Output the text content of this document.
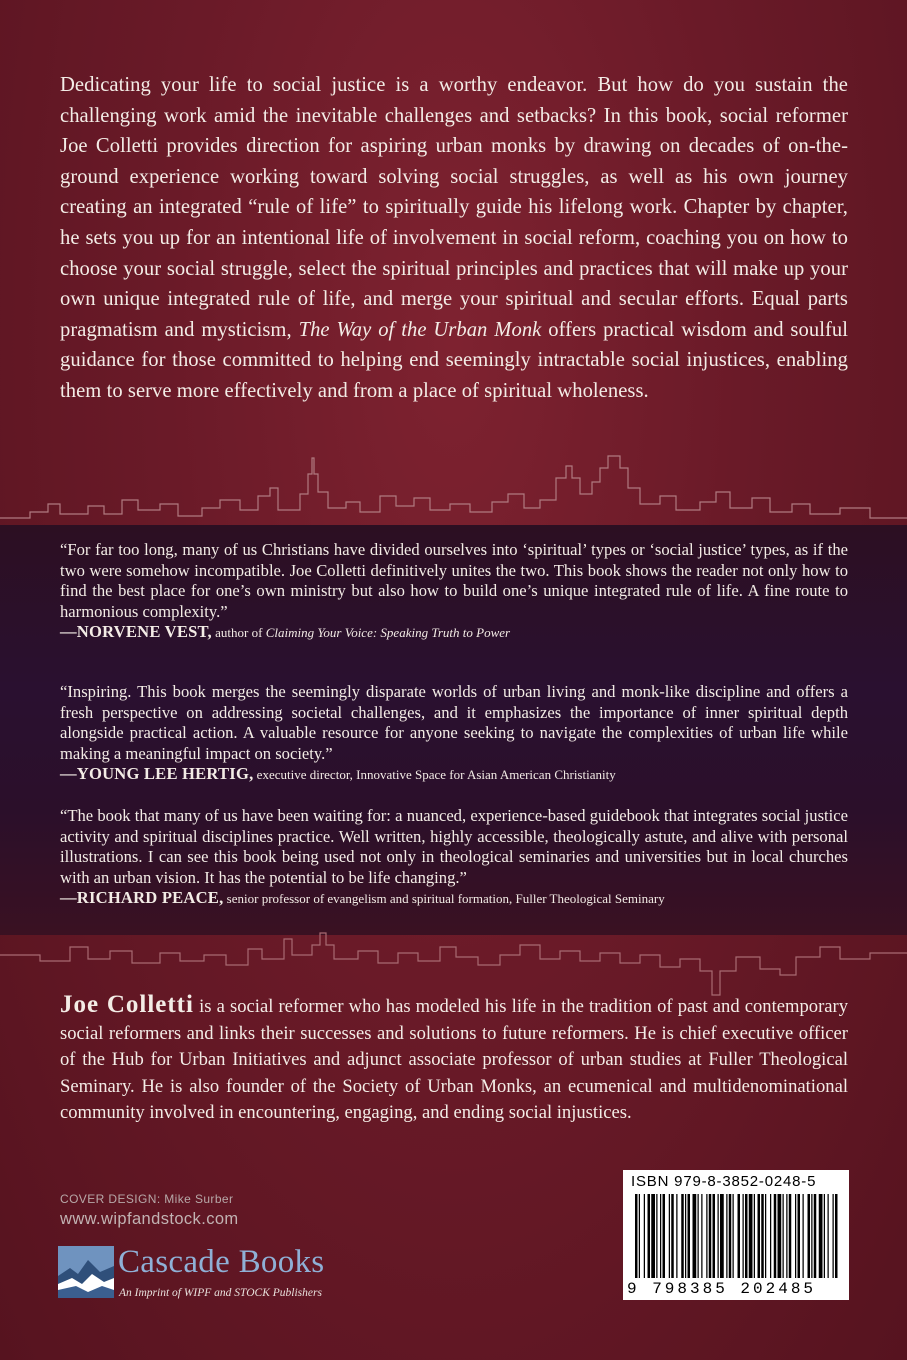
Dedicating your life to social justice is a worthy endeavor. But how do you sustain the challenging work amid the inevitable challenges and setbacks? In this book, social reformer Joe Colletti provides direction for aspiring urban monks by drawing on decades of on-the-ground experience working toward solving social struggles, as well as his own journey creating an integrated “rule of life” to spiritually guide his lifelong work. Chapter by chapter, he sets you up for an intentional life of involvement in social reform, coaching you on how to choose your social struggle, select the spiritual principles and practices that will make up your own unique integrated rule of life, and merge your spiritual and secular efforts. Equal parts pragmatism and mysticism, The Way of the Urban Monk offers practical wisdom and soulful guidance for those committed to helping end seemingly intractable social injustices, enabling them to serve more effectively and from a place of spiritual wholeness.
“For far too long, many of us Christians have divided ourselves into ‘spiritual’ types or ‘social justice’ types, as if the two were somehow incompatible. Joe Colletti definitively unites the two. This book shows the reader not only how to find the best place for one’s own ministry but also how to build one’s unique integrated rule of life. A fine route to harmonious complexity.”
—NORVENE VEST, author of Claiming Your Voice: Speaking Truth to Power
“Inspiring. This book merges the seemingly disparate worlds of urban living and monk-like discipline and offers a fresh perspective on addressing societal challenges, and it emphasizes the importance of inner spiritual depth alongside practical action. A valuable resource for anyone seeking to navigate the complexities of urban life while making a meaningful impact on society.”
—YOUNG LEE HERTIG, executive director, Innovative Space for Asian American Christianity
“The book that many of us have been waiting for: a nuanced, experience-based guidebook that integrates social justice activity and spiritual disciplines practice. Well written, highly accessible, theologically astute, and alive with personal illustrations. I can see this book being used not only in theological seminaries and universities but in local churches with an urban vision. It has the potential to be life changing.”
—RICHARD PEACE, senior professor of evangelism and spiritual formation, Fuller Theological Seminary
Joe Colletti is a social reformer who has modeled his life in the tradition of past and contemporary social reformers and links their successes and solutions to future reformers. He is chief executive officer of the Hub for Urban Initiatives and adjunct associate professor of urban studies at Fuller Theological Seminary. He is also founder of the Society of Urban Monks, an ecumenical and multidenominational community involved in encountering, engaging, and ending social injustices.
COVER DESIGN: Mike Surber
www.wipfandstock.com
Cascade Books
An Imprint of WIPF and STOCK Publishers
ISBN 979-8-3852-0248-5
9 798385 202485
